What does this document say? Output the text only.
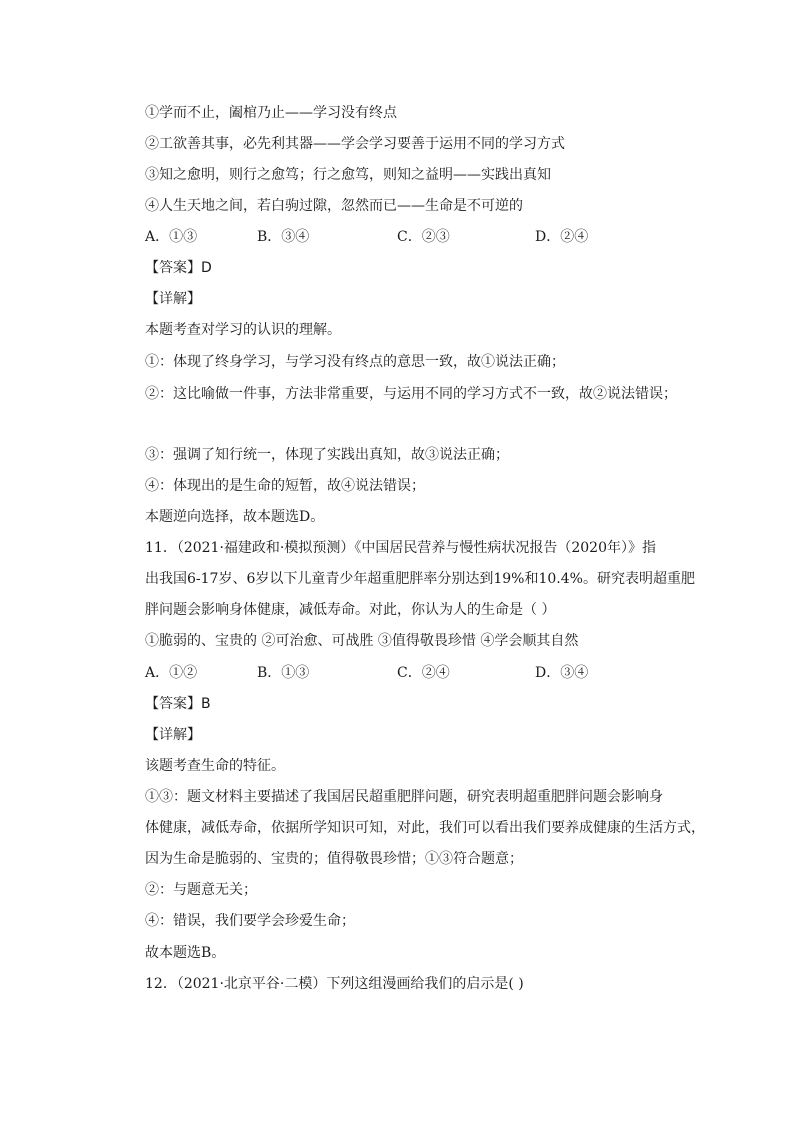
①学而不止，阖棺乃止——学习没有终点
②工欲善其事，必先利其器——学会学习要善于运用不同的学习方式
③知之愈明，则行之愈笃；行之愈笃，则知之益明——实践出真知
④人生天地之间，若白驹过隙，忽然而已——生命是不可逆的
A．①③	B．③④	C．②③	D．②④
【答案】D
【详解】
本题考查对学习的认识的理解。
①：体现了终身学习，与学习没有终点的意思一致，故①说法正确；
②：这比喻做一件事，方法非常重要，与运用不同的学习方式不一致，故②说法错误；
③：强调了知行统一，体现了实践出真知，故③说法正确；
④：体现出的是生命的短暂，故④说法错误；
本题逆向选择，故本题选D。
11．（2021·福建政和·模拟预测）《中国居民营养与慢性病状况报告（2020年）》指
出我国6-17岁、6岁以下儿童青少年超重肥胖率分别达到19%和10.4%。研究表明超重肥
胖问题会影响身体健康，减低寿命。对此，你认为人的生命是（ ）
①脆弱的、宝贵的 ②可治愈、可战胜 ③值得敬畏珍惜 ④学会顺其自然
A．①②	B．①③	C．②④	D．③④
【答案】B
【详解】
该题考查生命的特征。
①③：题文材料主要描述了我国居民超重肥胖问题，研究表明超重肥胖问题会影响身
体健康，减低寿命，依据所学知识可知，对此，我们可以看出我们要养成健康的生活方式，
因为生命是脆弱的、宝贵的；值得敬畏珍惜；①③符合题意；
②：与题意无关；
④：错误，我们要学会珍爱生命；
故本题选B。
12．（2021·北京平谷·二模）下列这组漫画给我们的启示是( )
